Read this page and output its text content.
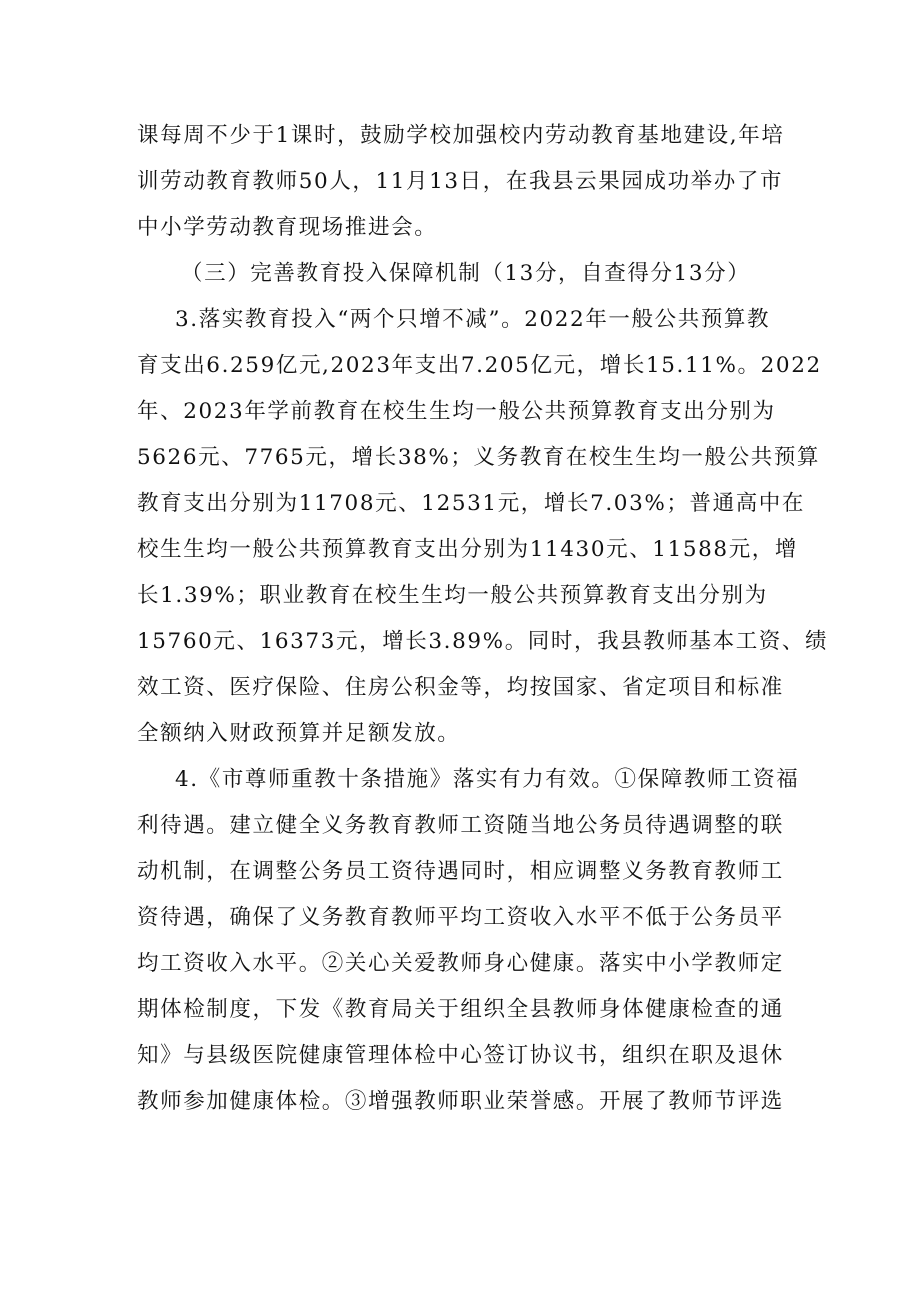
课每周不少于1课时，鼓励学校加强校内劳动教育基地建设,年培
训劳动教育教师50人，11月13日，在我县云果园成功举办了市
中小学劳动教育现场推进会。
（三）完善教育投入保障机制（13分，自查得分13分）
3.落实教育投入“两个只增不减”。2022年一般公共预算教
育支出6.259亿元,2023年支出7.205亿元，增长15.11%。2022
年、2023年学前教育在校生生均一般公共预算教育支出分别为
5626元、7765元，增长38%；义务教育在校生生均一般公共预算
教育支出分别为11708元、12531元，增长7.03%；普通高中在
校生生均一般公共预算教育支出分别为11430元、11588元，增
长1.39%；职业教育在校生生均一般公共预算教育支出分别为
15760元、16373元，增长3.89%。同时，我县教师基本工资、绩
效工资、医疗保险、住房公积金等，均按国家、省定项目和标准
全额纳入财政预算并足额发放。
4.《市尊师重教十条措施》落实有力有效。①保障教师工资福
利待遇。建立健全义务教育教师工资随当地公务员待遇调整的联
动机制，在调整公务员工资待遇同时，相应调整义务教育教师工
资待遇，确保了义务教育教师平均工资收入水平不低于公务员平
均工资收入水平。②关心关爱教师身心健康。落实中小学教师定
期体检制度，下发《教育局关于组织全县教师身体健康检查的通
知》与县级医院健康管理体检中心签订协议书，组织在职及退休
教师参加健康体检。③增强教师职业荣誉感。开展了教师节评选
